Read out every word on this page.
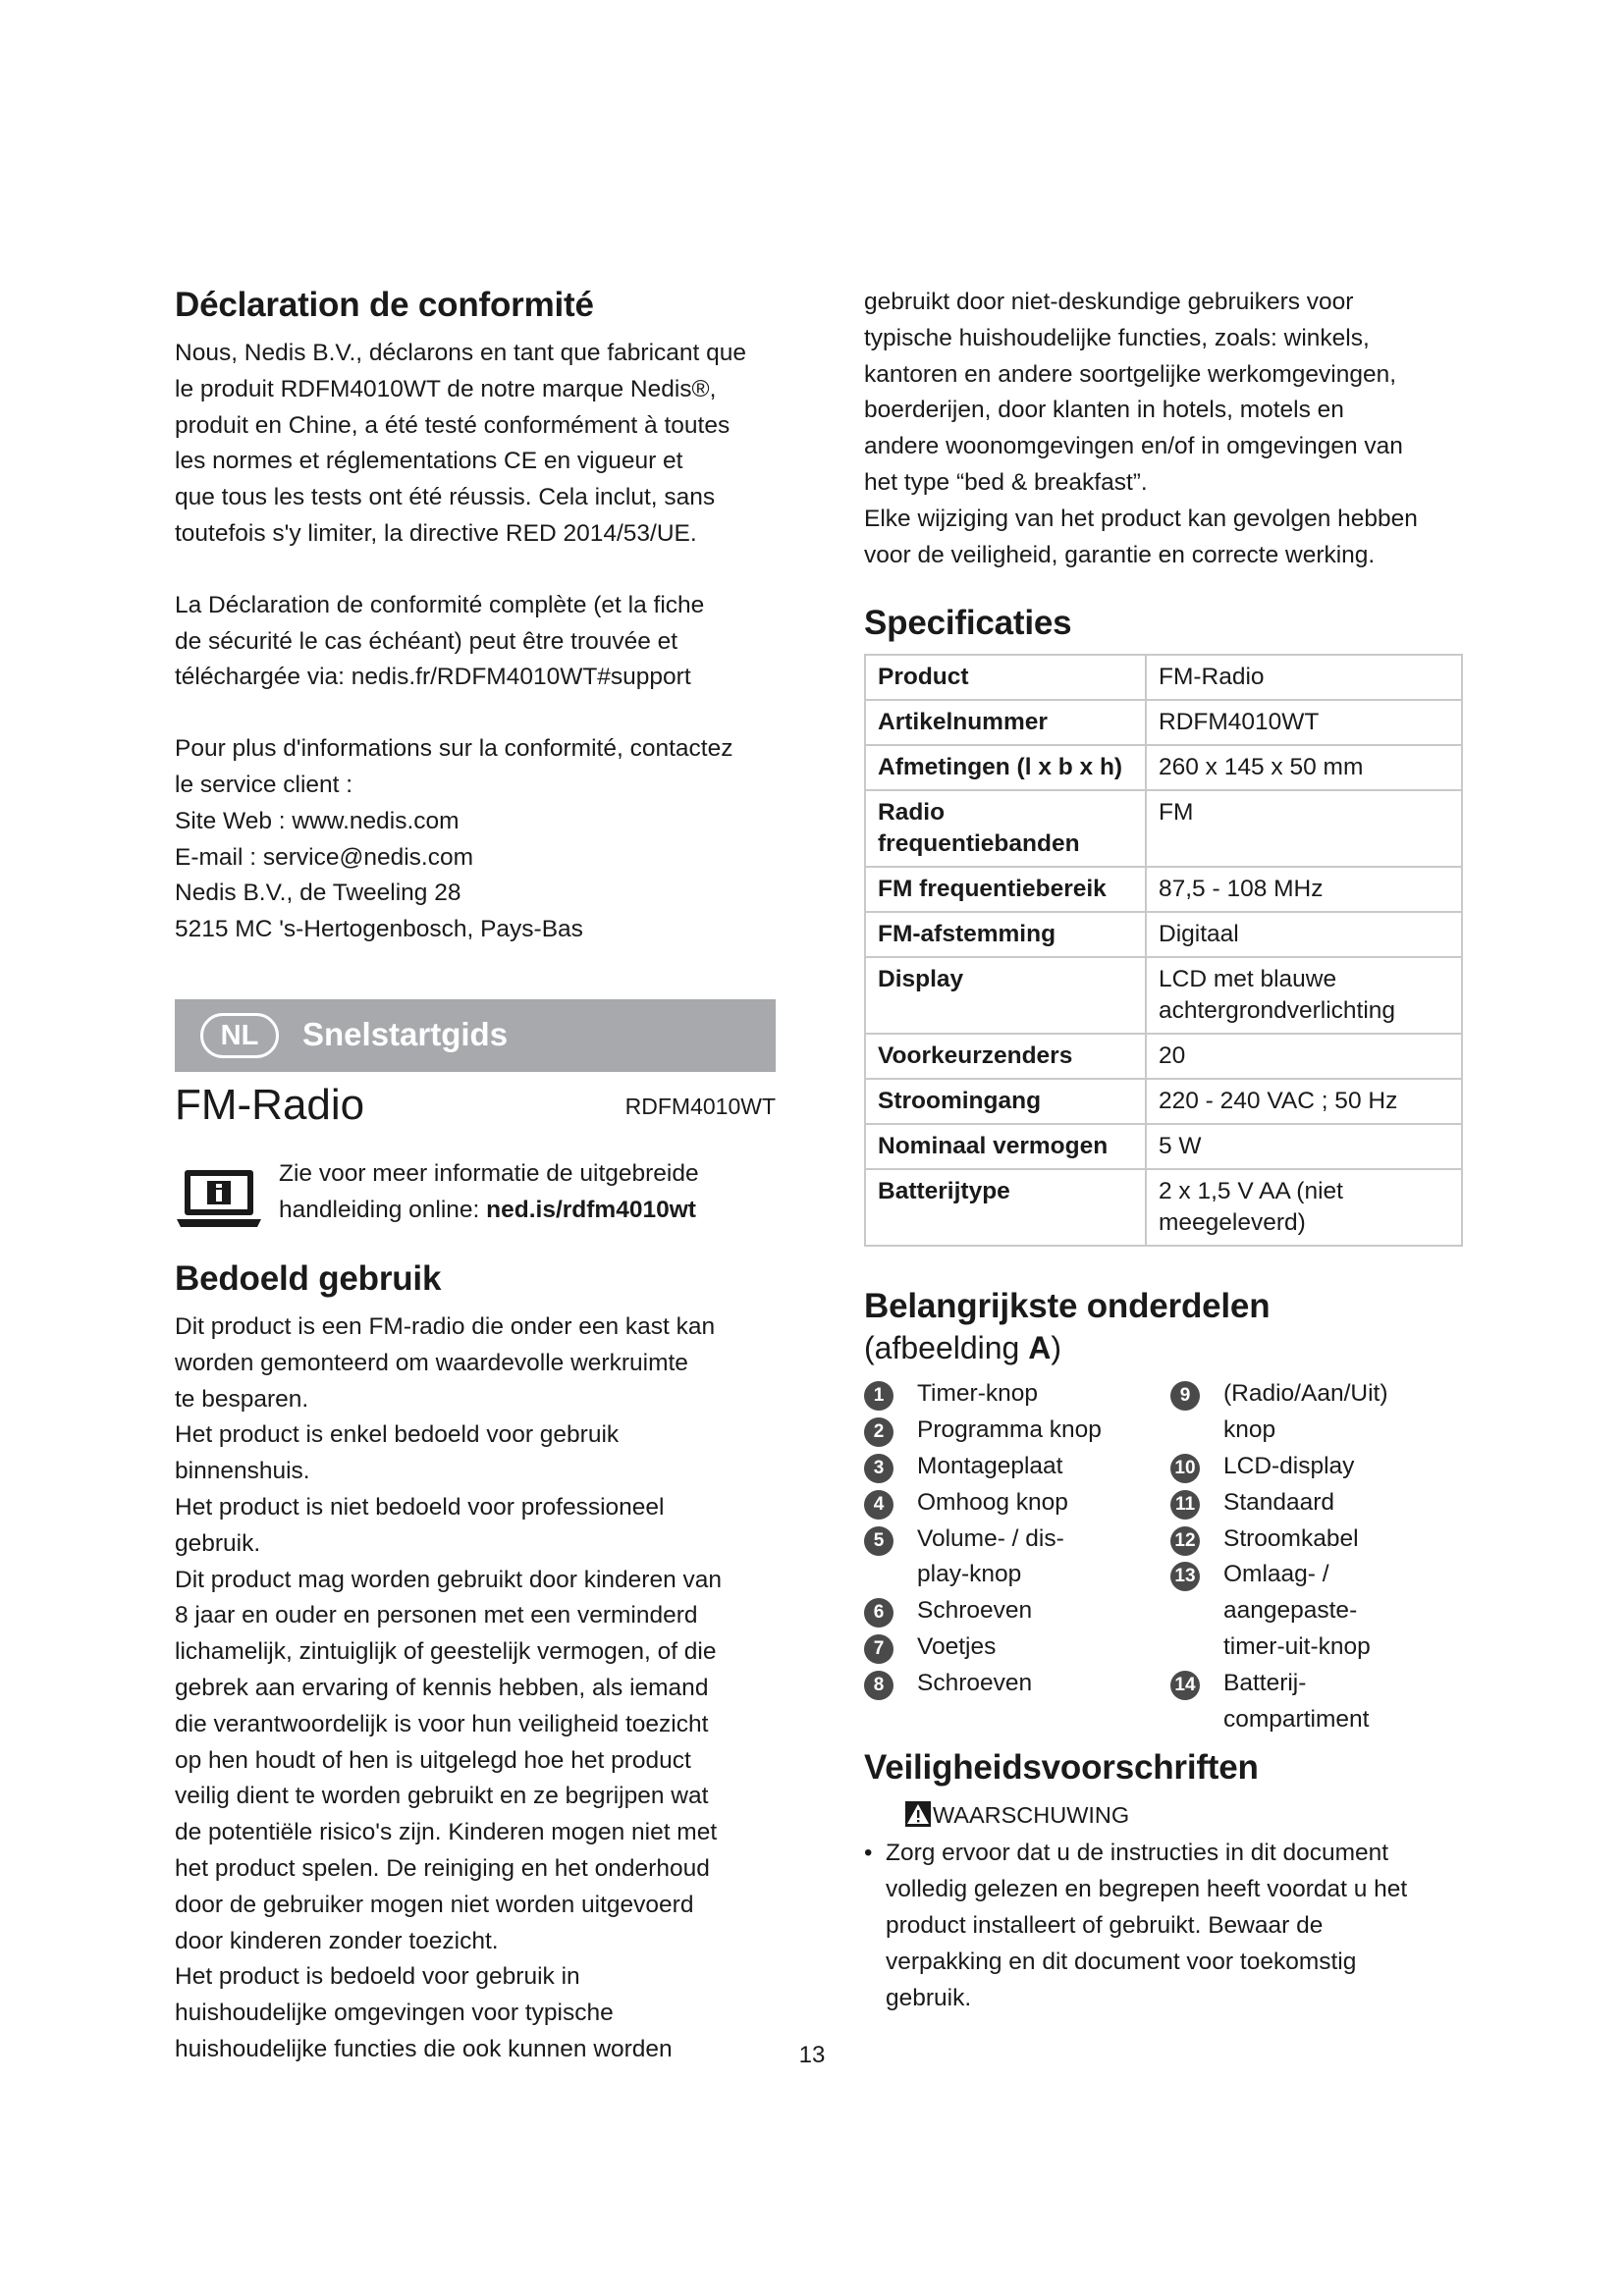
Déclaration de conformité

Nous, Nedis B.V., déclarons en tant que fabricant que

le produit RDFM4010WT de notre marque Nedis®,

produit en Chine, a été testé conformément à toutes

les normes et réglementations CE en vigueur et

que tous les tests ont été réussis. Cela inclut, sans

toutefois s'y limiter, la directive RED 2014/53/UE.

La Déclaration de conformité complète (et la fiche

de sécurité le cas échéant) peut être trouvée et

téléchargée via: nedis.fr/RDFM4010WT#support

Pour plus d'informations sur la conformité, contactez

le service client :

Site Web : www.nedis.com

E-mail : service@nedis.com

Nedis B.V., de Tweeling 28

5215 MC 's-Hertogenbosch, Pays-Bas

NL	Snelstartgids
FM-Radio	RDFM4010WT
Zie voor meer informatie de uitgebreide
handleiding online: ned.is/rdfm4010wt
Bedoeld gebruik

Dit product is een FM-radio die onder een kast kan

worden gemonteerd om waardevolle werkruimte

te besparen.

Het product is enkel bedoeld voor gebruik

binnenshuis.

Het product is niet bedoeld voor professioneel

gebruik.

Dit product mag worden gebruikt door kinderen van

8 jaar en ouder en personen met een verminderd

lichamelijk, zintuiglijk of geestelijk vermogen, of die

gebrek aan ervaring of kennis hebben, als iemand

die verantwoordelijk is voor hun veiligheid toezicht

op hen houdt of hen is uitgelegd hoe het product

veilig dient te worden gebruikt en ze begrijpen wat

de potentiële risico's zijn. Kinderen mogen niet met

het product spelen. De reiniging en het onderhoud

door de gebruiker mogen niet worden uitgevoerd

door kinderen zonder toezicht.

Het product is bedoeld voor gebruik in

huishoudelijke omgevingen voor typische

huishoudelijke functies die ook kunnen worden

gebruikt door niet-deskundige gebruikers voor

typische huishoudelijke functies, zoals: winkels,

kantoren en andere soortgelijke werkomgevingen,

boerderijen, door klanten in hotels, motels en

andere woonomgevingen en/of in omgevingen van

het type “bed & breakfast”.

Elke wijziging van het product kan gevolgen hebben

voor de veiligheid, garantie en correcte werking.

Specificaties
Product	FM-Radio
Artikelnummer	RDFM4010WT
Afmetingen (l x b x h)	260 x 145 x 50 mm
Radio frequentiebanden	FM
FM frequentiebereik	87,5 - 108 MHz
FM-afstemming	Digitaal
Display	LCD met blauwe achtergrondverlichting
Voorkeurzenders	20
Stroomingang	220 - 240 VAC ; 50 Hz
Nominaal vermogen	5 W
Batterijtype	2 x 1,5 V AA (niet meegeleverd)
Belangrijkste onderdelen
(afbeelding A)
1	Timer-knop
2	Programma knop
3	Montageplaat
4	Omhoog knop
5	Volume- / dis-play-knop
6	Schroeven
7	Voetjes
8	Schroeven
9	(Radio/Aan/Uit) knop
10 LCD-display
11 Standaard
12 Stroomkabel
13 Omlaag- / aangepaste-timer-uit-knop
14 Batterij-compartiment
Veiligheidsvoorschriften
WAARSCHUWING

• Zorg ervoor dat u de instructies in dit document

volledig gelezen en begrepen heeft voordat u het

product installeert of gebruikt. Bewaar de

verpakking en dit document voor toekomstig

gebruik.

13
